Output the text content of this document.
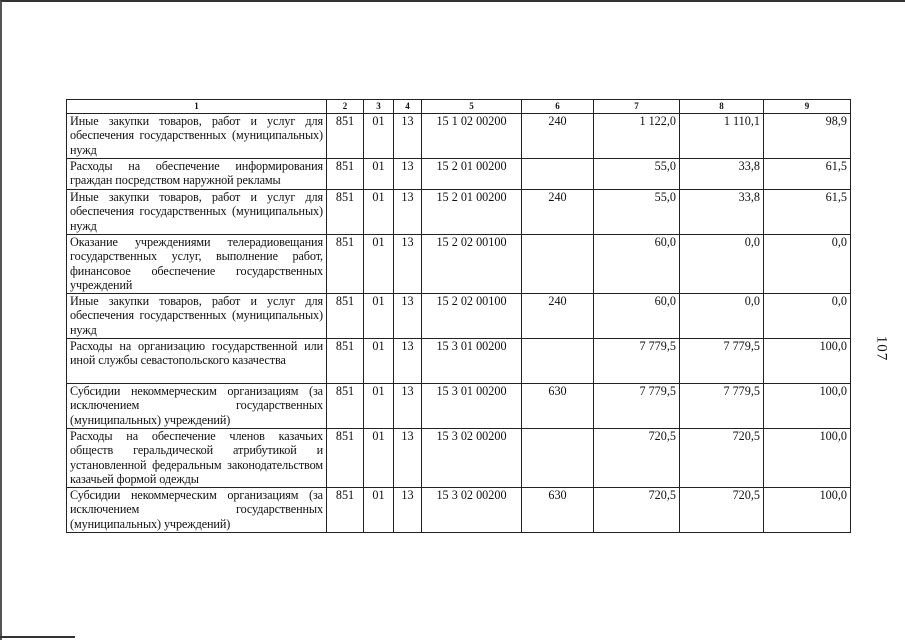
1	2	3	4	5	6	7	8	9
Иные закупки товаров, работ и услуг для обеспечения государственных (муниципальных) нужд	851	01	13	15 1 02 00200	240	1 122,0	1 110,1	98,9
Расходы на обеспечение информирования граждан посредством наружной рекламы	851	01	13	15 2 01 00200		55,0	33,8	61,5
Иные закупки товаров, работ и услуг для обеспечения государственных (муниципальных) нужд	851	01	13	15 2 01 00200	240	55,0	33,8	61,5
Оказание учреждениями телерадиовещания государственных услуг, выполнение работ, финансовое обеспечение государственных учреждений	851	01	13	15 2 02 00100		60,0	0,0	0,0
Иные закупки товаров, работ и услуг для обеспечения государственных (муниципальных) нужд	851	01	13	15 2 02 00100	240	60,0	0,0	0,0
Расходы на организацию государственной или иной службы севастопольского казачества	851	01	13	15 3 01 00200		7 779,5	7 779,5	100,0
Субсидии некоммерческим организациям (за исключением государственных (муниципальных) учреждений)	851	01	13	15 3 01 00200	630	7 779,5	7 779,5	100,0
Расходы на обеспечение членов казачьих обществ геральдической атрибутикой и установленной федеральным законодательством казачьей формой одежды	851	01	13	15 3 02 00200		720,5	720,5	100,0
Субсидии некоммерческим организациям (за исключением государственных (муниципальных) учреждений)	851	01	13	15 3 02 00200	630	720,5	720,5	100,0
107
